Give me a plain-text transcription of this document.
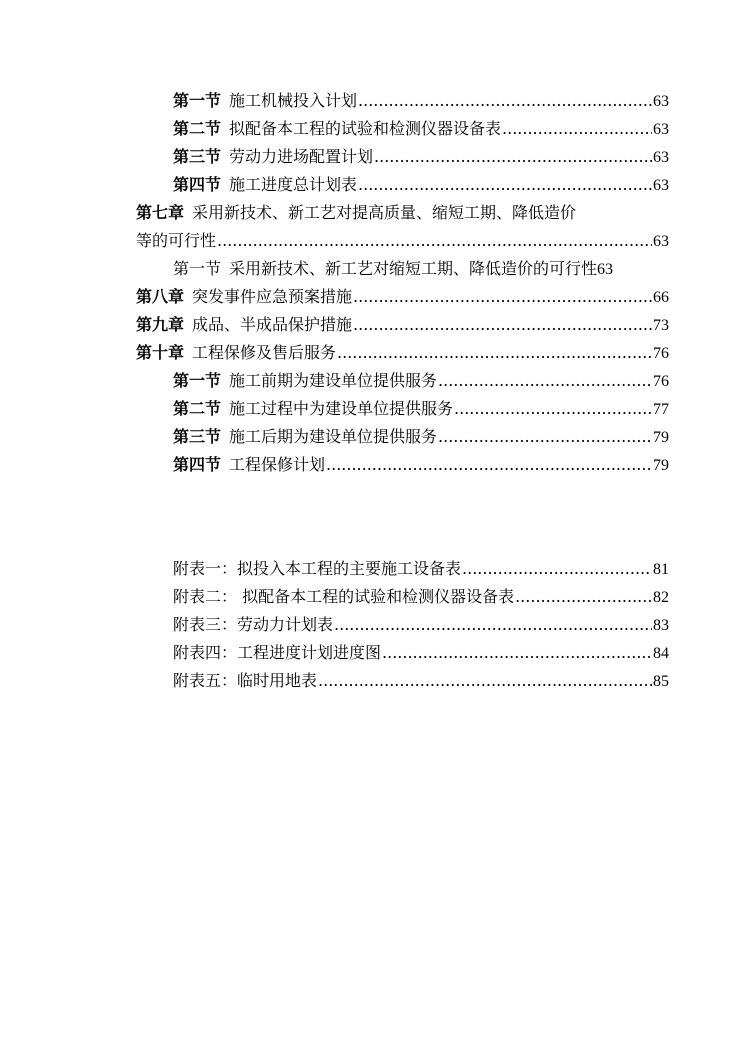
第一节 施工机械投入计划 .....	63
第二节 拟配备本工程的试验和检测仪器设备表 .....	63
第三节 劳动力进场配置计划 .....	63
第四节 施工进度总计划表 .....	63
第七章 采用新技术、新工艺对提高质量、缩短工期、降低造价
等的可行性 .....	63
第一节 采用新技术、新工艺对缩短工期、降低造价的可行性63
第八章 突发事件应急预案措施 .....	66
第九章 成品、半成品保护措施 .....	73
第十章 工程保修及售后服务 .....	76
第一节 施工前期为建设单位提供服务 .....	76
第二节 施工过程中为建设单位提供服务 .....	77
第三节 施工后期为建设单位提供服务 .....	79
第四节 工程保修计划 .....	79
附表一：拟投入本工程的主要施工设备表 .....	81
附表二： 拟配备本工程的试验和检测仪器设备表 .....	82
附表三：劳动力计划表 .....	83
附表四：工程进度计划进度图 .....	84
附表五：临时用地表 .....	85
